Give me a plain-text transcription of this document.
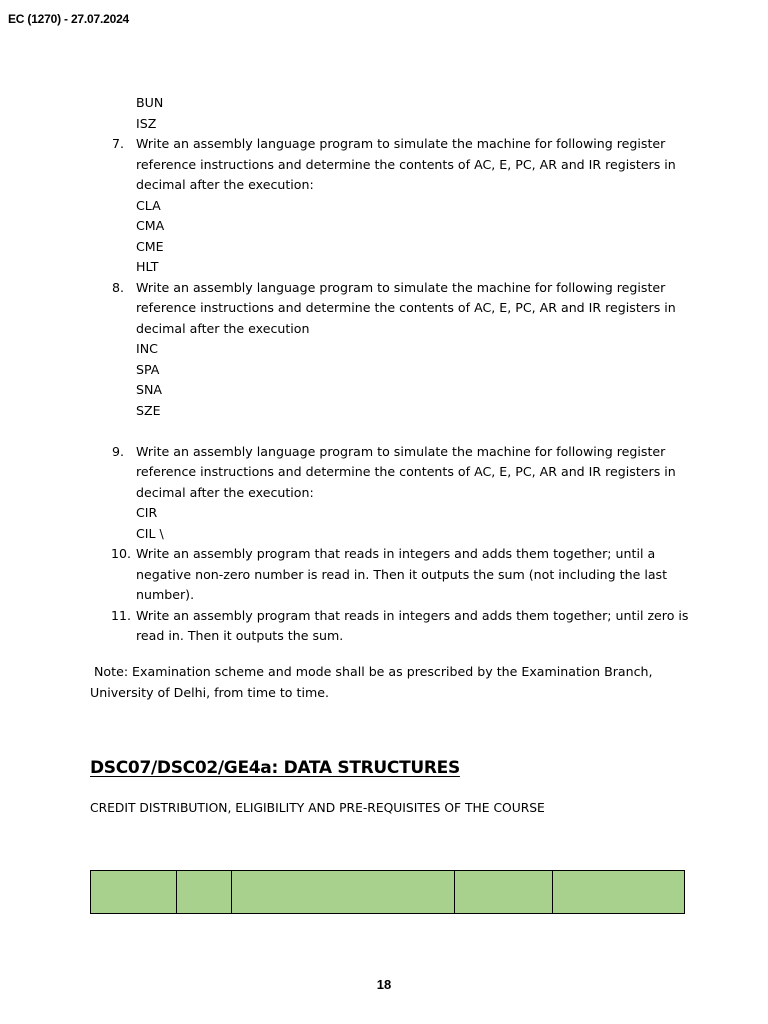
EC (1270) - 27.07.2024
BUN
ISZ
7. Write an assembly language program to simulate the machine for following register
reference instructions and determine the contents of AC, E, PC, AR and IR registers in
decimal after the execution:
CLA
CMA
CME
HLT
8. Write an assembly language program to simulate the machine for following register
reference instructions and determine the contents of AC, E, PC, AR and IR registers in
decimal after the execution
INC
SPA
SNA
SZE
9. Write an assembly language program to simulate the machine for following register
reference instructions and determine the contents of AC, E, PC, AR and IR registers in
decimal after the execution:
CIR
CIL \
10. Write an assembly program that reads in integers and adds them together; until a
negative non-zero number is read in. Then it outputs the sum (not including the last
number).
11. Write an assembly program that reads in integers and adds them together; until zero is
read in. Then it outputs the sum.
Note: Examination scheme and mode shall be as prescribed by the Examination Branch,
University of Delhi, from time to time.
DSC07/DSC02/GE4a: DATA STRUCTURES
CREDIT DISTRIBUTION, ELIGIBILITY AND PRE-REQUISITES OF THE COURSE
18
